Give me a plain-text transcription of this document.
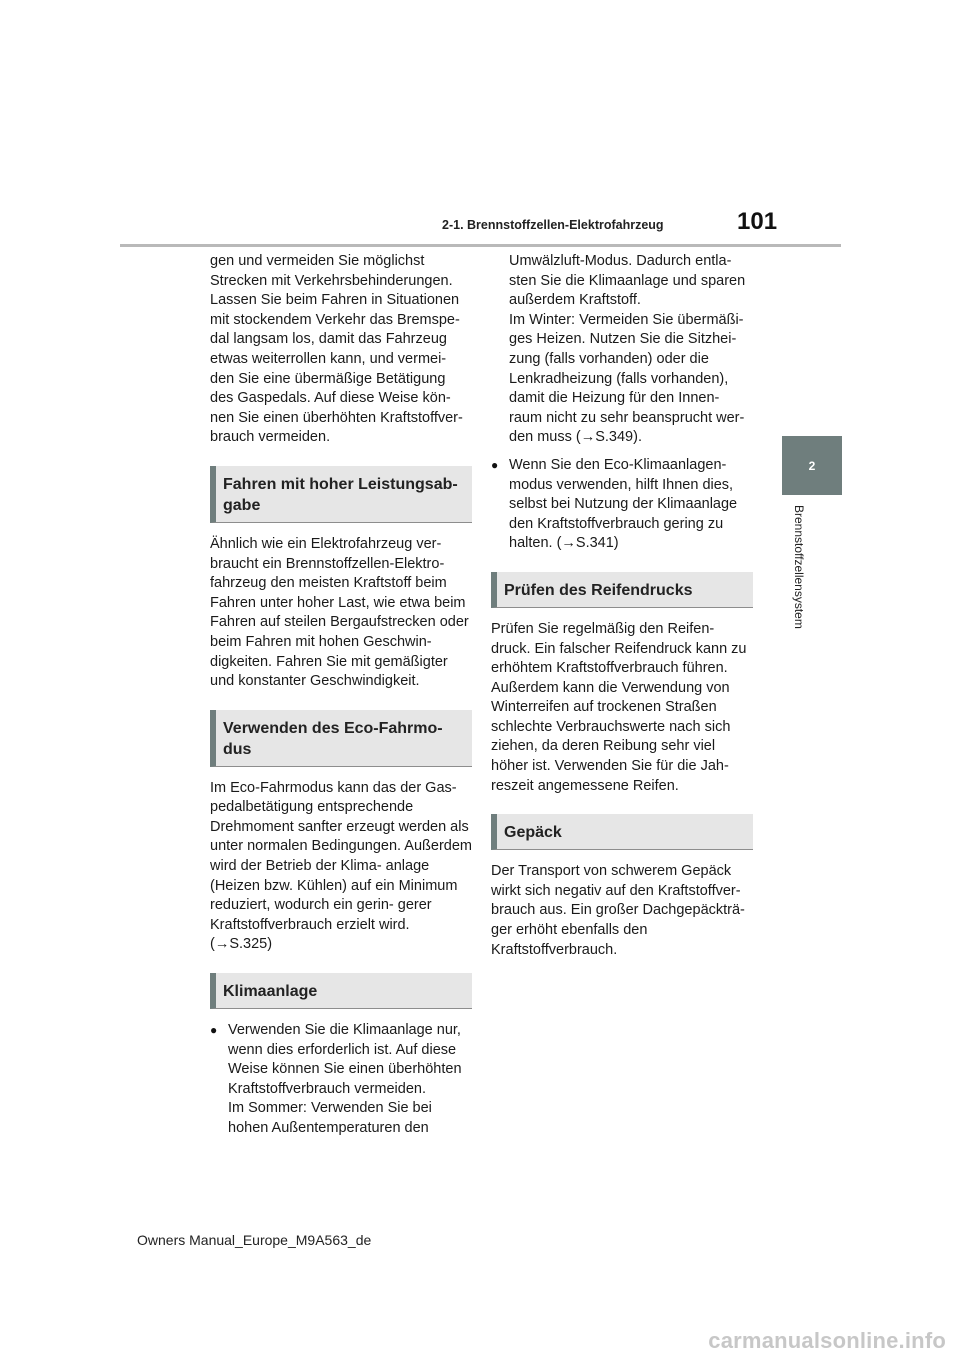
2-1. Brennstoffzellen-Elektrofahrzeug	101
2
Brennstoffzellensystem

gen und vermeiden Sie möglichst Strecken mit Verkehrsbehinderungen. Lassen Sie beim Fahren in Situationen mit stockendem Verkehr das Bremspe- dal langsam los, damit das Fahrzeug etwas weiterrollen kann, und vermei- den Sie eine übermäßige Betätigung des Gaspedals. Auf diese Weise kön- nen Sie einen überhöhten Kraftstoffver- brauch vermeiden.

Fahren mit hoher Leistungsab- gabe

Ähnlich wie ein Elektrofahrzeug ver- braucht ein Brennstoffzellen-Elektro- fahrzeug den meisten Kraftstoff beim Fahren unter hoher Last, wie etwa beim Fahren auf steilen Bergaufstrecken oder beim Fahren mit hohen Geschwin- digkeiten. Fahren Sie mit gemäßigter und konstanter Geschwindigkeit.

Verwenden des Eco-Fahrmo- dus

Im Eco-Fahrmodus kann das der Gas- pedalbetätigung entsprechende Drehmoment sanfter erzeugt werden als unter normalen Bedingungen. Außerdem wird der Betrieb der Klima- anlage (Heizen bzw. Kühlen) auf ein Minimum reduziert, wodurch ein gerin- gerer Kraftstoffverbrauch erzielt wird. (→S.325)

Klimaanlage
● Verwenden Sie die Klimaanlage nur, wenn dies erforderlich ist. Auf diese Weise können Sie einen überhöhten Kraftstoffverbrauch vermeiden.
Im Sommer: Verwenden Sie bei hohen Außentemperaturen den
Umwälzluft-Modus. Dadurch entla- sten Sie die Klimaanlage und sparen außerdem Kraftstoff.
Im Winter: Vermeiden Sie übermäßi- ges Heizen. Nutzen Sie die Sitzhei- zung (falls vorhanden) oder die Lenkradheizung (falls vorhanden), damit die Heizung für den Innen- raum nicht zu sehr beansprucht wer- den muss (→S.349).
● Wenn Sie den Eco-Klimaanlagen- modus verwenden, hilft Ihnen dies, selbst bei Nutzung der Klimaanlage den Kraftstoffverbrauch gering zu halten. (→S.341)
Prüfen des Reifendrucks

Prüfen Sie regelmäßig den Reifen- druck. Ein falscher Reifendruck kann zu erhöhtem Kraftstoffverbrauch führen. Außerdem kann die Verwendung von Winterreifen auf trockenen Straßen schlechte Verbrauchswerte nach sich ziehen, da deren Reibung sehr viel höher ist. Verwenden Sie für die Jah- reszeit angemessene Reifen.

Gepäck

Der Transport von schwerem Gepäck wirkt sich negativ auf den Kraftstoffver- brauch aus. Ein großer Dachgepäckträ- ger erhöht ebenfalls den Kraftstoffverbrauch.

Owners Manual_Europe_M9A563_de
carmanualsonline.info
